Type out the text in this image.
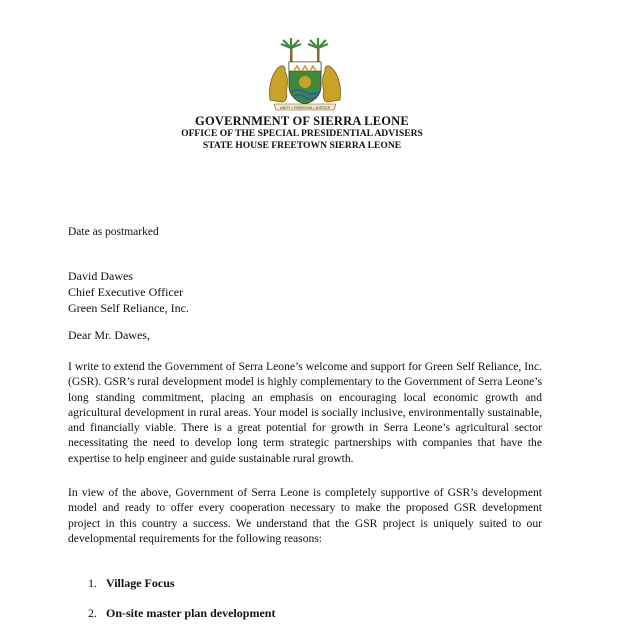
UNITY • FREEDOM • JUSTICE
GOVERNMENT OF SIERRA LEONE
OFFICE OF THE SPECIAL PRESIDENTIAL ADVISERS
STATE HOUSE FREETOWN SIERRA LEONE
Date as postmarked
David Dawes
Chief Executive Officer
Green Self Reliance, Inc.
Dear Mr. Dawes,
I write to extend the Government of Serra Leone’s welcome and support for Green Self Reliance, Inc. (GSR). GSR’s rural development model is highly complementary to the Government of Serra Leone’s long standing commitment, placing an emphasis on encouraging local economic growth and agricultural development in rural areas. Your model is socially inclusive, environmentally sustainable, and financially viable. There is a great potential for growth in Serra Leone’s agricultural sector necessitating the need to develop long term strategic partnerships with companies that have the expertise to help engineer and guide sustainable rural growth.
In view of the above, Government of Serra Leone is completely supportive of GSR’s development model and ready to offer every cooperation necessary to make the proposed GSR development project in this country a success. We understand that the GSR project is uniquely suited to our developmental requirements for the following reasons:
1. Village Focus
2. On-site master plan development
